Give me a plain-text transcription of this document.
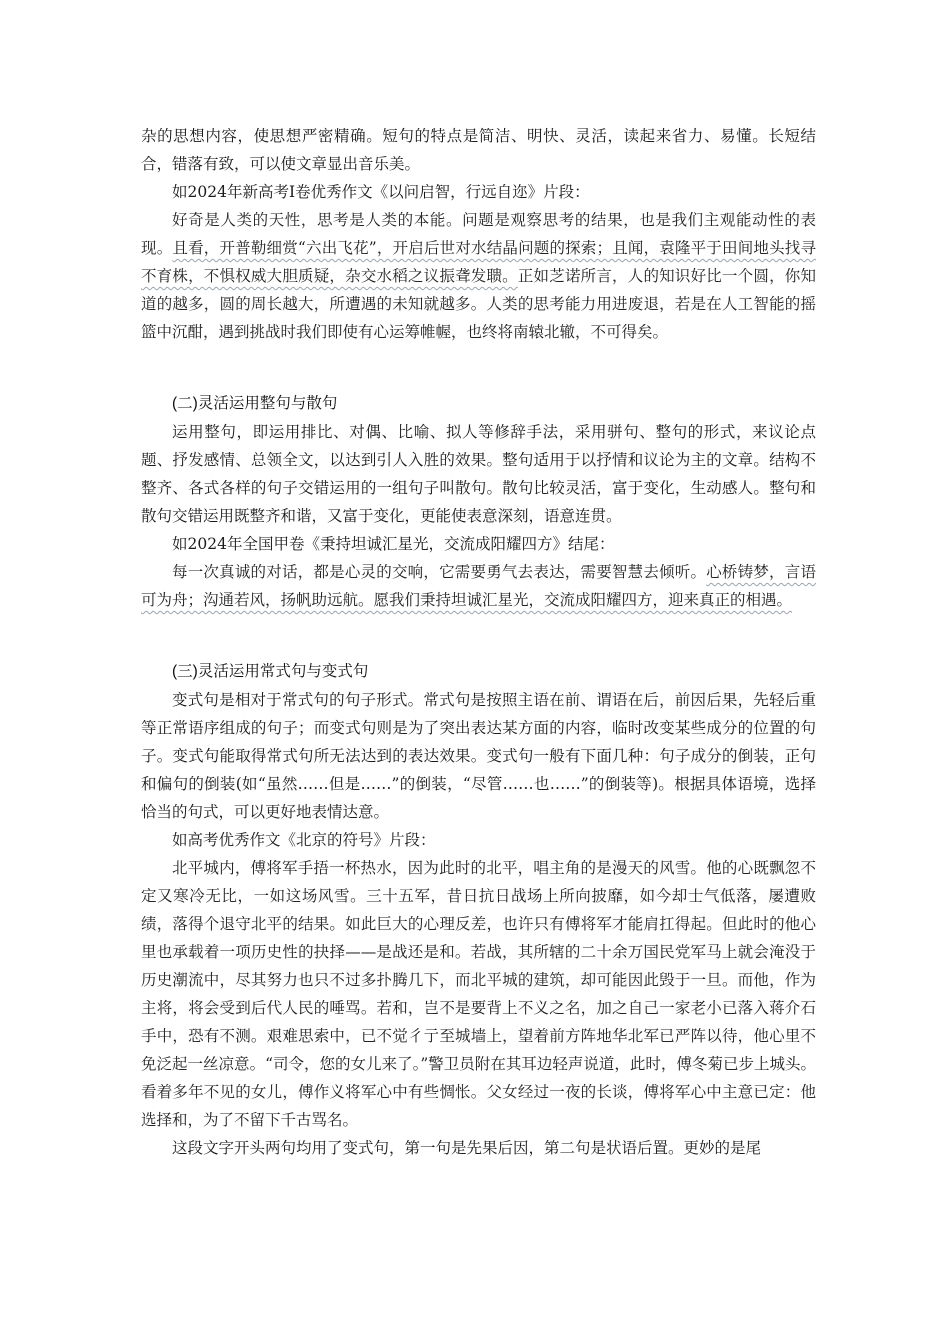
杂的思想内容，使思想严密精确。短句的特点是简洁、明快、灵活，读起来省力、易懂。长短结合，错落有致，可以使文章显出音乐美。

如2024年新高考Ⅰ卷优秀作文《以问启智，行远自迩》片段：

好奇是人类的天性，思考是人类的本能。问题是观察思考的结果，也是我们主观能动性的表现。且看，开普勒细赏“六出飞花”，开启后世对水结晶问题的探索；且闻，袁隆平于田间地头找寻不育株，不惧权威大胆质疑，杂交水稻之议振聋发聩。正如芝诺所言，人的知识好比一个圆，你知道的越多，圆的周长越大，所遭遇的未知就越多。人类的思考能力用进废退，若是在人工智能的摇篮中沉酣，遇到挑战时我们即使有心运筹帷幄，也终将南辕北辙，不可得矣。

(二)灵活运用整句与散句

运用整句，即运用排比、对偶、比喻、拟人等修辞手法，采用骈句、整句的形式，来议论点题、抒发感情、总领全文，以达到引人入胜的效果。整句适用于以抒情和议论为主的文章。结构不整齐、各式各样的句子交错运用的一组句子叫散句。散句比较灵活，富于变化，生动感人。整句和散句交错运用既整齐和谐，又富于变化，更能使表意深刻，语意连贯。

如2024年全国甲卷《秉持坦诚汇星光，交流成阳耀四方》结尾：

每一次真诚的对话，都是心灵的交响，它需要勇气去表达，需要智慧去倾听。心桥铸梦，言语可为舟；沟通若风，扬帆助远航。愿我们秉持坦诚汇星光，交流成阳耀四方，迎来真正的相遇。

(三)灵活运用常式句与变式句

变式句是相对于常式句的句子形式。常式句是按照主语在前、谓语在后，前因后果，先轻后重等正常语序组成的句子；而变式句则是为了突出表达某方面的内容，临时改变某些成分的位置的句子。变式句能取得常式句所无法达到的表达效果。变式句一般有下面几种：句子成分的倒装，正句和偏句的倒装(如“虽然……但是……”的倒装，“尽管……也……”的倒装等)。根据具体语境，选择恰当的句式，可以更好地表情达意。

如高考优秀作文《北京的符号》片段：

北平城内，傅将军手捂一杯热水，因为此时的北平，唱主角的是漫天的风雪。他的心既飘忽不定又寒冷无比，一如这场风雪。三十五军，昔日抗日战场上所向披靡，如今却士气低落，屡遭败绩，落得个退守北平的结果。如此巨大的心理反差，也许只有傅将军才能肩扛得起。但此时的他心里也承载着一项历史性的抉择——是战还是和。若战，其所辖的二十余万国民党军马上就会淹没于历史潮流中，尽其努力也只不过多扑腾几下，而北平城的建筑，却可能因此毁于一旦。而他，作为主将，将会受到后代人民的唾骂。若和，岂不是要背上不义之名，加之自己一家老小已落入蒋介石手中，恐有不测。艰难思索中，已不觉彳亍至城墙上，望着前方阵地华北军已严阵以待，他心里不免泛起一丝凉意。“司令，您的女儿来了。”警卫员附在其耳边轻声说道，此时，傅冬菊已步上城头。看着多年不见的女儿，傅作义将军心中有些惆怅。父女经过一夜的长谈，傅将军心中主意已定：他选择和，为了不留下千古骂名。

这段文字开头两句均用了变式句，第一句是先果后因，第二句是状语后置。更妙的是尾
